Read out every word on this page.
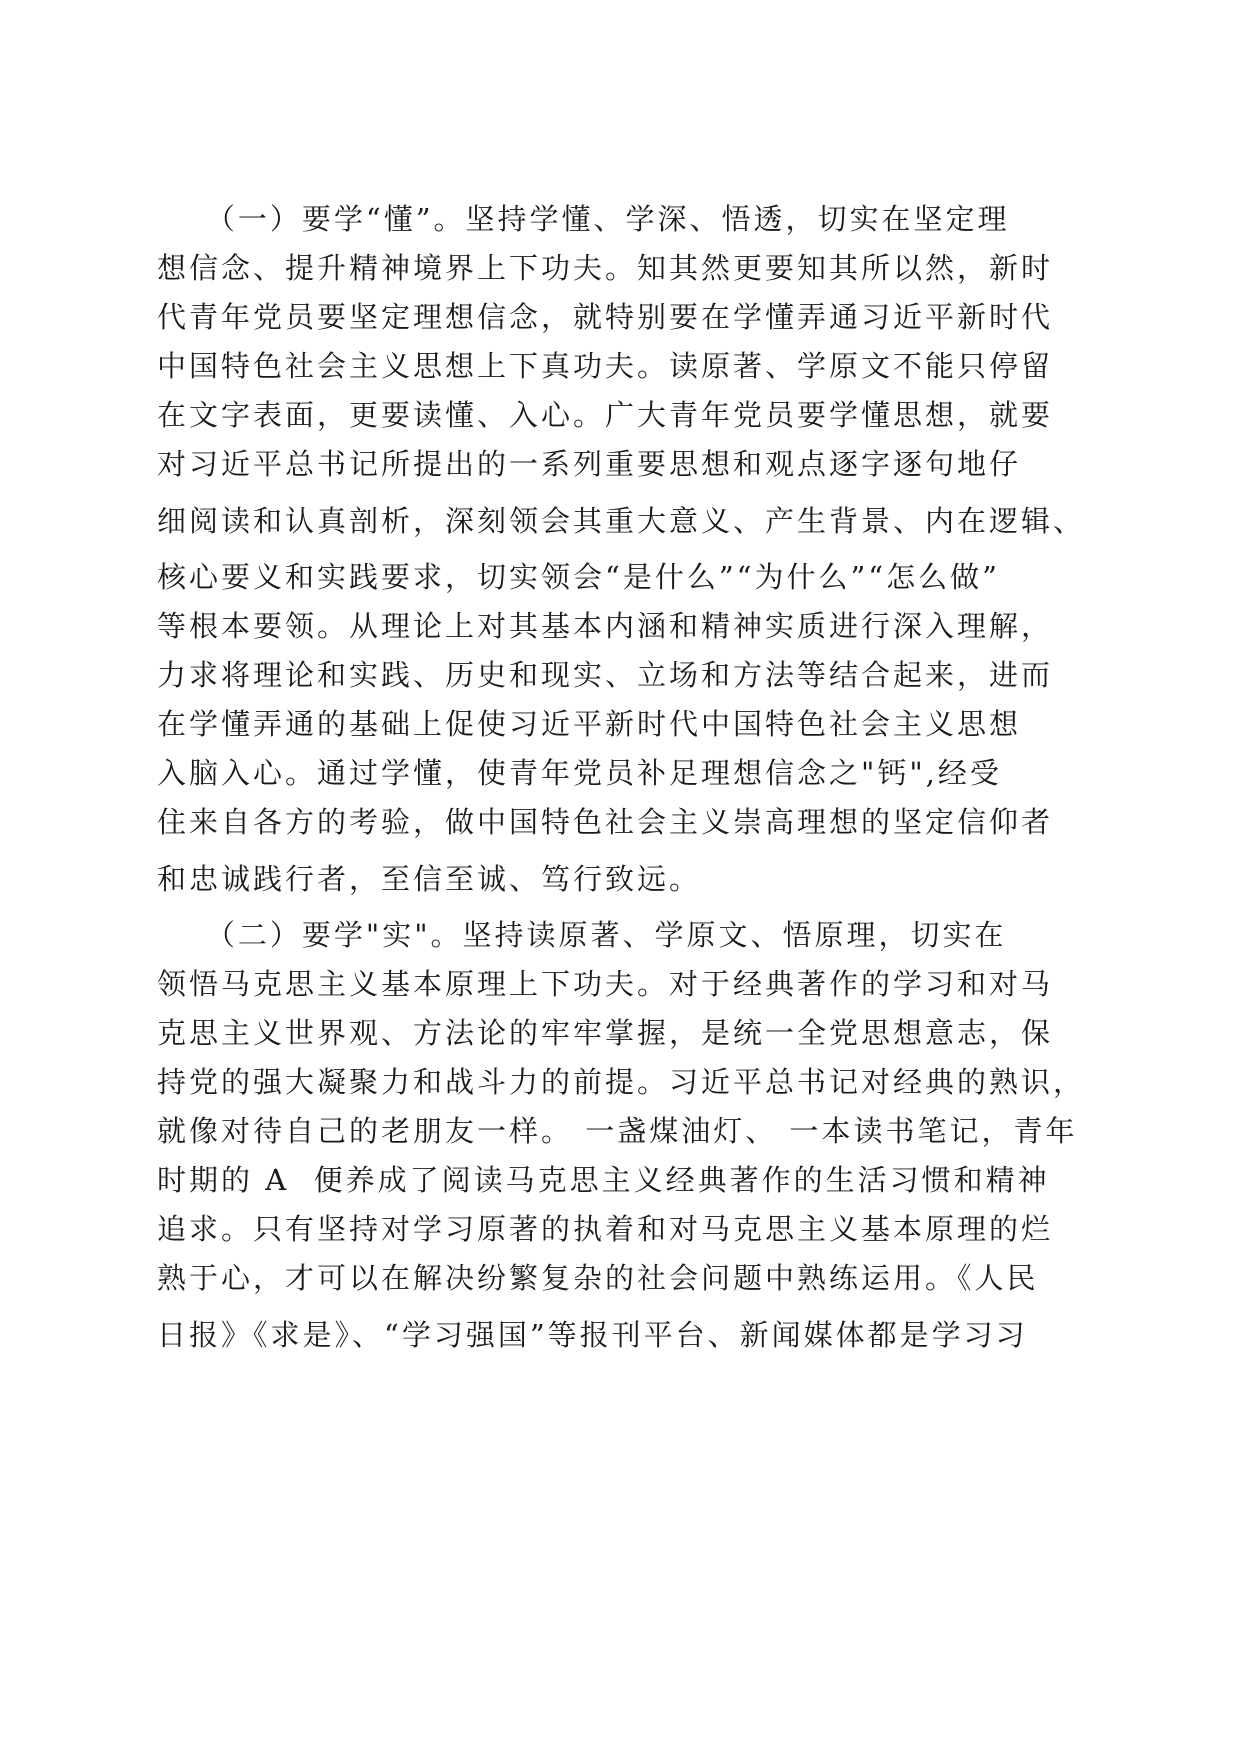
（一）要学“懂”。坚持学懂、学深、悟透，切实在坚定理
想信念、提升精神境界上下功夫。知其然更要知其所以然，新时
代青年党员要坚定理想信念，就特别要在学懂弄通习近平新时代
中国特色社会主义思想上下真功夫。读原著、学原文不能只停留
在文字表面，更要读懂、入心。广大青年党员要学懂思想，就要
对习近平总书记所提出的一系列重要思想和观点逐字逐句地仔
细阅读和认真剖析，深刻领会其重大意义、产生背景、内在逻辑、
核心要义和实践要求，切实领会“是什么”“为什么”“怎么做”
等根本要领。从理论上对其基本内涵和精神实质进行深入理解，
力求将理论和实践、历史和现实、立场和方法等结合起来，进而
在学懂弄通的基础上促使习近平新时代中国特色社会主义思想
入脑入心。通过学懂，使青年党员补足理想信念之"钙",经受
住来自各方的考验，做中国特色社会主义崇高理想的坚定信仰者
和忠诚践行者，至信至诚、笃行致远。
（二）要学"实"。坚持读原著、学原文、悟原理，切实在
领悟马克思主义基本原理上下功夫。对于经典著作的学习和对马
克思主义世界观、方法论的牢牢掌握，是统一全党思想意志，保
持党的强大凝聚力和战斗力的前提。习近平总书记对经典的熟识，
就像对待自己的老朋友一样。 一盏煤油灯、 一本读书笔记，青年
时期的 A  便养成了阅读马克思主义经典著作的生活习惯和精神
追求。只有坚持对学习原著的执着和对马克思主义基本原理的烂
熟于心，才可以在解决纷繁复杂的社会问题中熟练运用。《人民
日报》《求是》、“学习强国”等报刊平台、新闻媒体都是学习习
